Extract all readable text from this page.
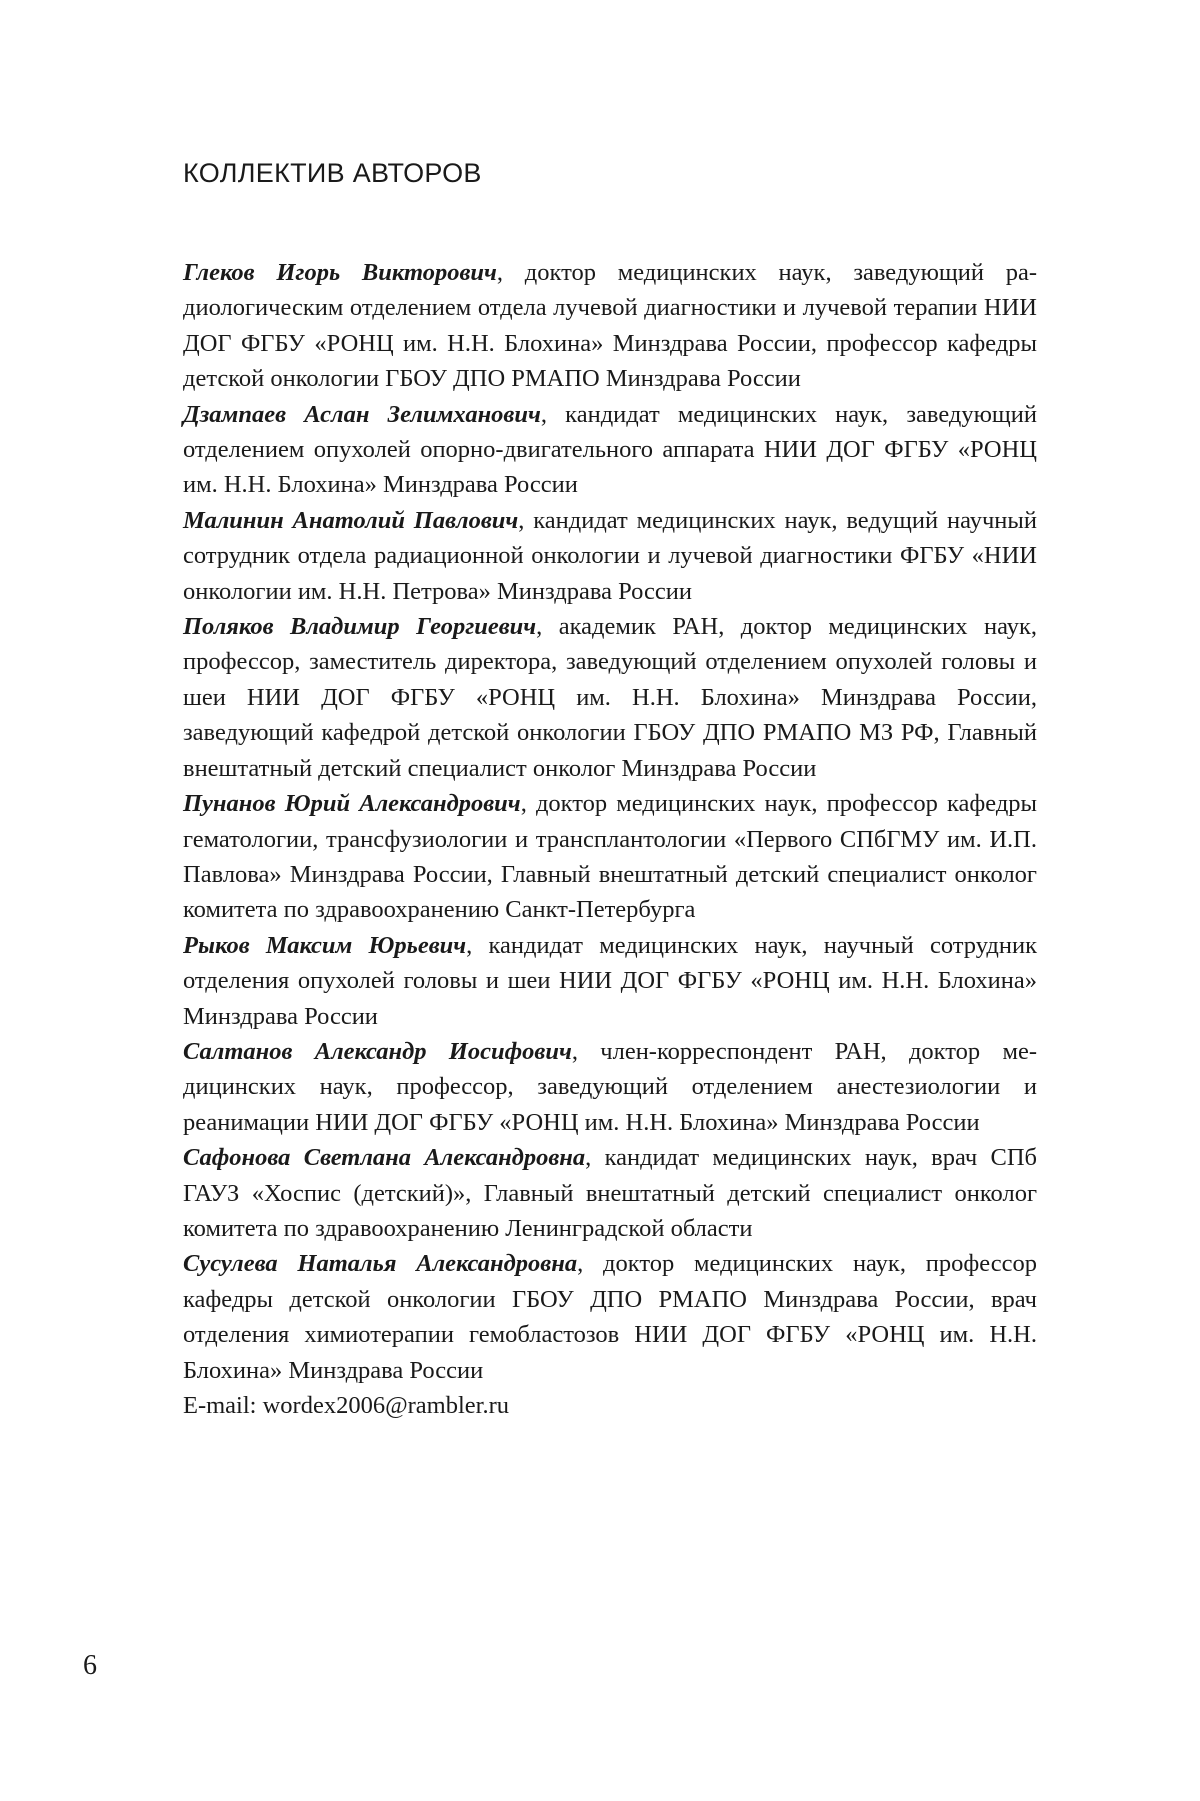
КОЛЛЕКТИВ АВТОРОВ

Глеков Игорь Викторович, доктор медицинских наук, заведующий радиологическим отделением отдела лучевой диагностики и лучевой терапии НИИ ДОГ ФГБУ «РОНЦ им. Н.Н. Блохина» Минздрава России, профессор кафедры детской онкологии ГБОУ ДПО РМАПО Минздрава России

Дзампаев Аслан Зелимханович, кандидат медицинских наук, заведующий отделением опухолей опорно-двигательного аппарата НИИ ДОГ ФГБУ «РОНЦ им. Н.Н. Блохина» Минздрава России

Малинин Анатолий Павлович, кандидат медицинских наук, ведущий научный сотрудник отдела радиационной онкологии и лучевой диагностики ФГБУ «НИИ онкологии им. Н.Н. Петрова» Минздрава России

Поляков Владимир Георгиевич, академик РАН, доктор медицинских наук, профессор, заместитель директора, заведующий отделением опухолей головы и шеи НИИ ДОГ ФГБУ «РОНЦ им. Н.Н. Блохина» Минздрава России, заведующий кафедрой детской онкологии ГБОУ ДПО РМАПО МЗ РФ, Главный внештатный детский специалист онколог Минздрава России

Пунанов Юрий Александрович, доктор медицинских наук, профессор кафедры гематологии, трансфузиологии и трансплантологии «Первого СПбГМУ им. И.П. Павлова» Минздрава России, Главный внештатный детский специалист онколог комитета по здравоохранению Санкт-Петербурга

Рыков Максим Юрьевич, кандидат медицинских наук, научный сотрудник отделения опухолей головы и шеи НИИ ДОГ ФГБУ «РОНЦ им. Н.Н. Блохина» Минздрава России

Салтанов Александр Иосифович, член-корреспондент РАН, доктор медицинских наук, профессор, заведующий отделением анестезиологии и реанимации НИИ ДОГ ФГБУ «РОНЦ им. Н.Н. Блохина» Минздрава России

Сафонова Светлана Александровна, кандидат медицинских наук, врач СПб ГАУЗ «Хоспис (детский)», Главный внештатный детский специалист онколог комитета по здравоохранению Ленинградской области

Сусулева Наталья Александровна, доктор медицинских наук, профессор кафедры детской онкологии ГБОУ ДПО РМАПО Минздрава России, врач отделения химиотерапии гемобластозов НИИ ДОГ ФГБУ «РОНЦ им. Н.Н. Блохина» Минздрава России

E-mail: wordex2006@rambler.ru

6
